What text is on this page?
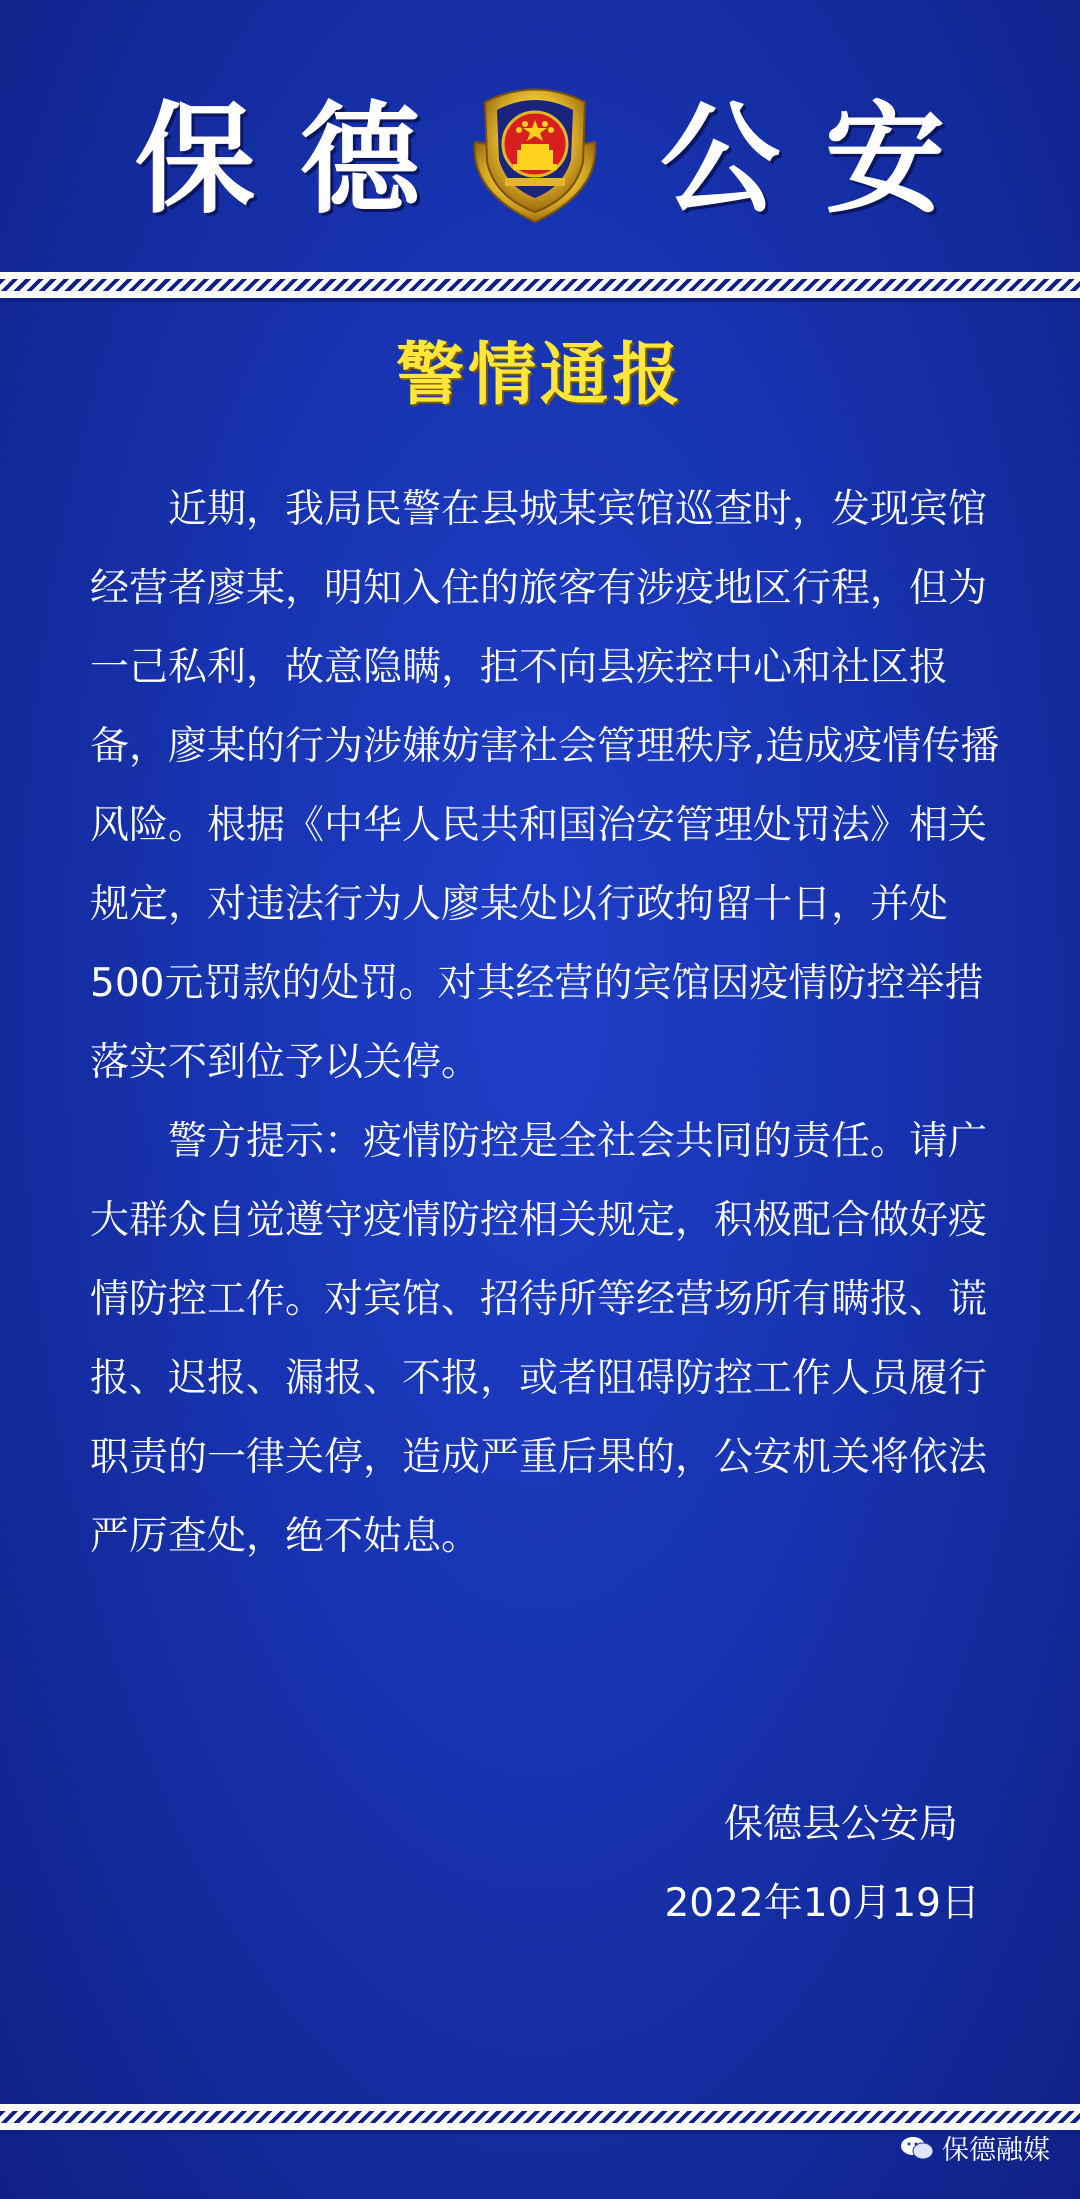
保 德 公 安
警情通报

近期，我局民警在县城某宾馆巡查时，发现宾馆经营者廖某，明知入住的旅客有涉疫地区行程，但为一己私利，故意隐瞒，拒不向县疾控中心和社区报备，廖某的行为涉嫌妨害社会管理秩序,造成疫情传播风险。根据《中华人民共和国治安管理处罚法》相关规定，对违法行为人廖某处以行政拘留十日，并处500元罚款的处罚。对其经营的宾馆因疫情防控举措落实不到位予以关停。

警方提示：疫情防控是全社会共同的责任。请广大群众自觉遵守疫情防控相关规定，积极配合做好疫情防控工作。对宾馆、招待所等经营场所有瞒报、谎报、迟报、漏报、不报，或者阻碍防控工作人员履行职责的一律关停，造成严重后果的，公安机关将依法严厉查处，绝不姑息。

保德县公安局
2022年10月19日
保德融媒
